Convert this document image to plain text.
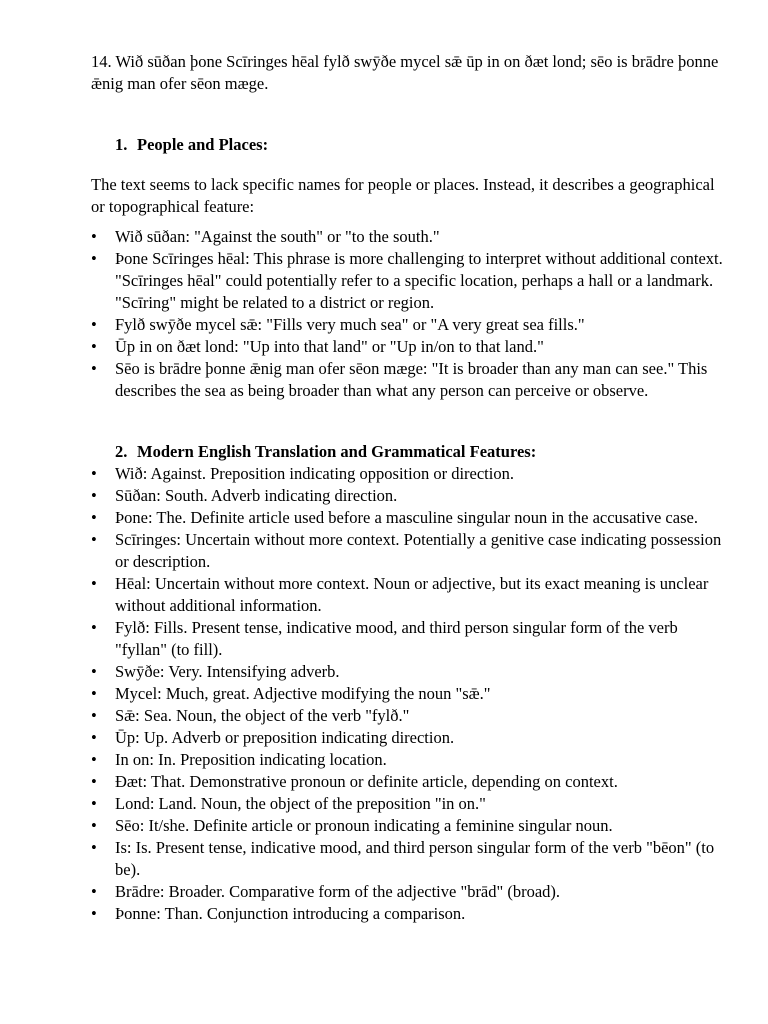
14. Wið sūðan þone Scīringes hēal fylð swȳðe mycel sǣ ūp in on ðæt lond; sēo is brādre þonne ǣnig man ofer sēon mæge.

1. People and Places:

The text seems to lack specific names for people or places. Instead, it describes a geographical or topographical feature:

•	Wið sūðan: "Against the south" or "to the south."
•	Þone Scīringes hēal: This phrase is more challenging to interpret without additional context. "Scīringes hēal" could potentially refer to a specific location, perhaps a hall or a landmark. "Scīring" might be related to a district or region.
•	Fylð swȳðe mycel sǣ: "Fills very much sea" or "A very great sea fills."
•	Ūp in on ðæt lond: "Up into that land" or "Up in/on to that land."
•	Sēo is brādre þonne ǣnig man ofer sēon mæge: "It is broader than any man can see." This describes the sea as being broader than what any person can perceive or observe.
2. Modern English Translation and Grammatical Features:
•	Wið: Against. Preposition indicating opposition or direction.
•	Sūðan: South. Adverb indicating direction.
•	Þone: The. Definite article used before a masculine singular noun in the accusative case.
•	Scīringes: Uncertain without more context. Potentially a genitive case indicating possession or description.
•	Hēal: Uncertain without more context. Noun or adjective, but its exact meaning is unclear without additional information.
•	Fylð: Fills. Present tense, indicative mood, and third person singular form of the verb "fyllan" (to fill).
•	Swȳðe: Very. Intensifying adverb.
•	Mycel: Much, great. Adjective modifying the noun "sǣ."
•	Sǣ: Sea. Noun, the object of the verb "fylð."
•	Ūp: Up. Adverb or preposition indicating direction.
•	In on: In. Preposition indicating location.
•	Ðæt: That. Demonstrative pronoun or definite article, depending on context.
•	Lond: Land. Noun, the object of the preposition "in on."
•	Sēo: It/she. Definite article or pronoun indicating a feminine singular noun.
•	Is: Is. Present tense, indicative mood, and third person singular form of the verb "bēon" (to be).
•	Brādre: Broader. Comparative form of the adjective "brād" (broad).
•	Þonne: Than. Conjunction introducing a comparison.
